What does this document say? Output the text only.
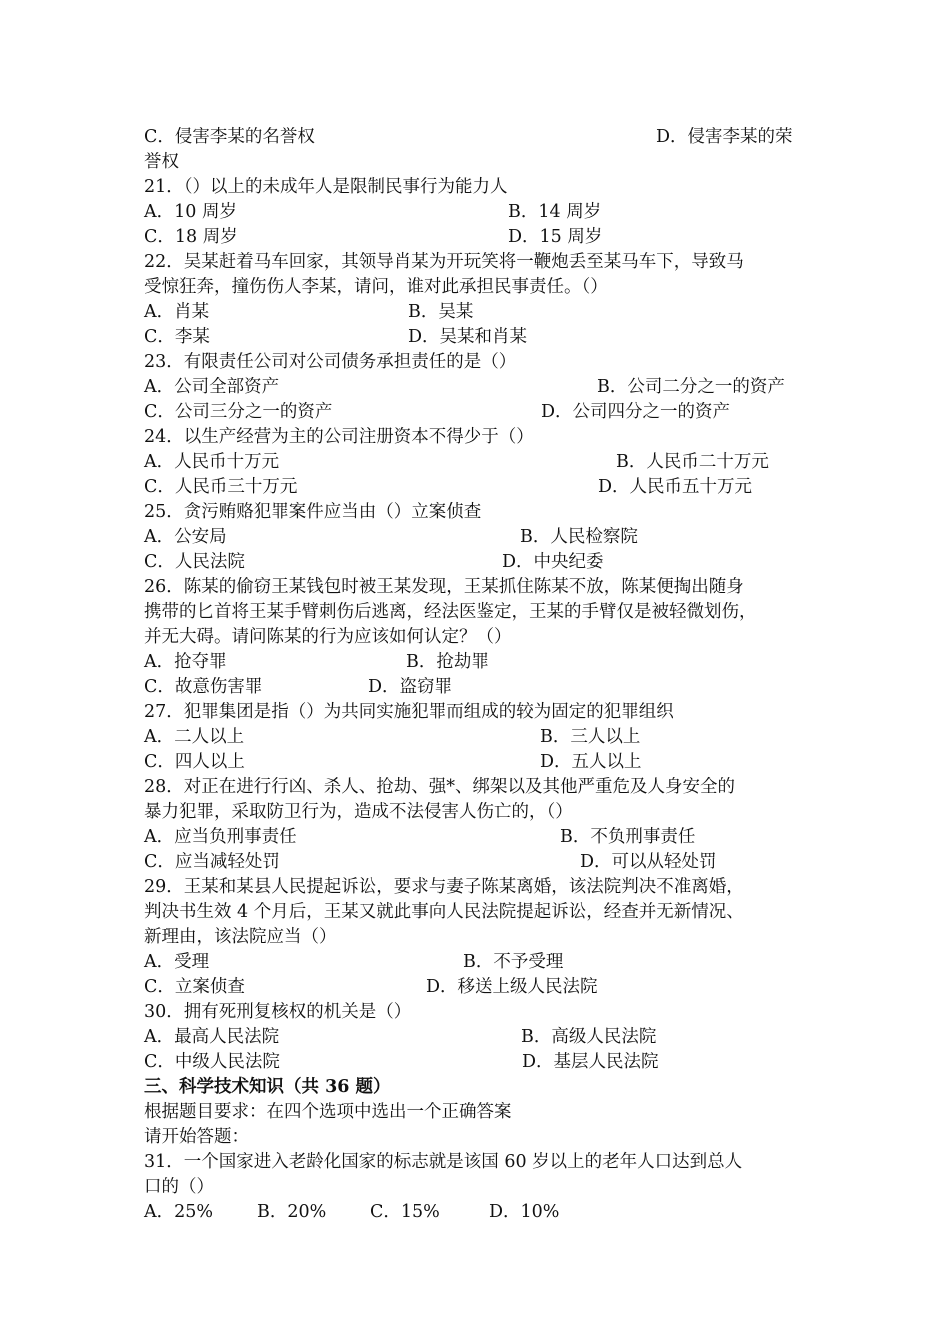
C．侵害李某的名誉权	D．侵害李某的荣
誉权
21．（）以上的未成年人是限制民事行为能力人
A．10 周岁	B．14 周岁
C．18 周岁	D．15 周岁
22．吴某赶着马车回家，其领导肖某为开玩笑将一鞭炮丢至某马车下，导致马
受惊狂奔，撞伤伤人李某，请问，谁对此承担民事责任。（）
A．肖某	B．吴某
C．李某	D．吴某和肖某
23．有限责任公司对公司债务承担责任的是（）
A．公司全部资产	B．公司二分之一的资产
C．公司三分之一的资产	D．公司四分之一的资产
24．以生产经营为主的公司注册资本不得少于（）
A．人民币十万元	B．人民币二十万元
C．人民币三十万元	D．人民币五十万元
25．贪污贿赂犯罪案件应当由（）立案侦查
A．公安局	B．人民检察院
C．人民法院	D．中央纪委
26．陈某的偷窃王某钱包时被王某发现，王某抓住陈某不放，陈某便掏出随身
携带的匕首将王某手臂刺伤后逃离，经法医鉴定，王某的手臂仅是被轻微划伤，
并无大碍。请问陈某的行为应该如何认定？（）
A．抢夺罪	B．抢劫罪
C．故意伤害罪	D．盗窃罪
27．犯罪集团是指（）为共同实施犯罪而组成的较为固定的犯罪组织
A．二人以上	B．三人以上
C．四人以上	D．五人以上
28．对正在进行行凶、杀人、抢劫、强*、绑架以及其他严重危及人身安全的
暴力犯罪，采取防卫行为，造成不法侵害人伤亡的，（）
A．应当负刑事责任	B．不负刑事责任
C．应当减轻处罚	D．可以从轻处罚
29．王某和某县人民提起诉讼，要求与妻子陈某离婚，该法院判决不准离婚，
判决书生效 4 个月后，王某又就此事向人民法院提起诉讼，经查并无新情况、
新理由，该法院应当（）
A．受理	B．不予受理
C．立案侦查	D．移送上级人民法院
30．拥有死刑复核权的机关是（）
A．最高人民法院	B．高级人民法院
C．中级人民法院	D．基层人民法院
三、科学技术知识（共 36 题）
根据题目要求：在四个选项中选出一个正确答案
请开始答题：
31．一个国家进入老龄化国家的标志就是该国 60 岁以上的老年人口达到总人
口的（）
A．25%	B．20% C．15%	D．10%
